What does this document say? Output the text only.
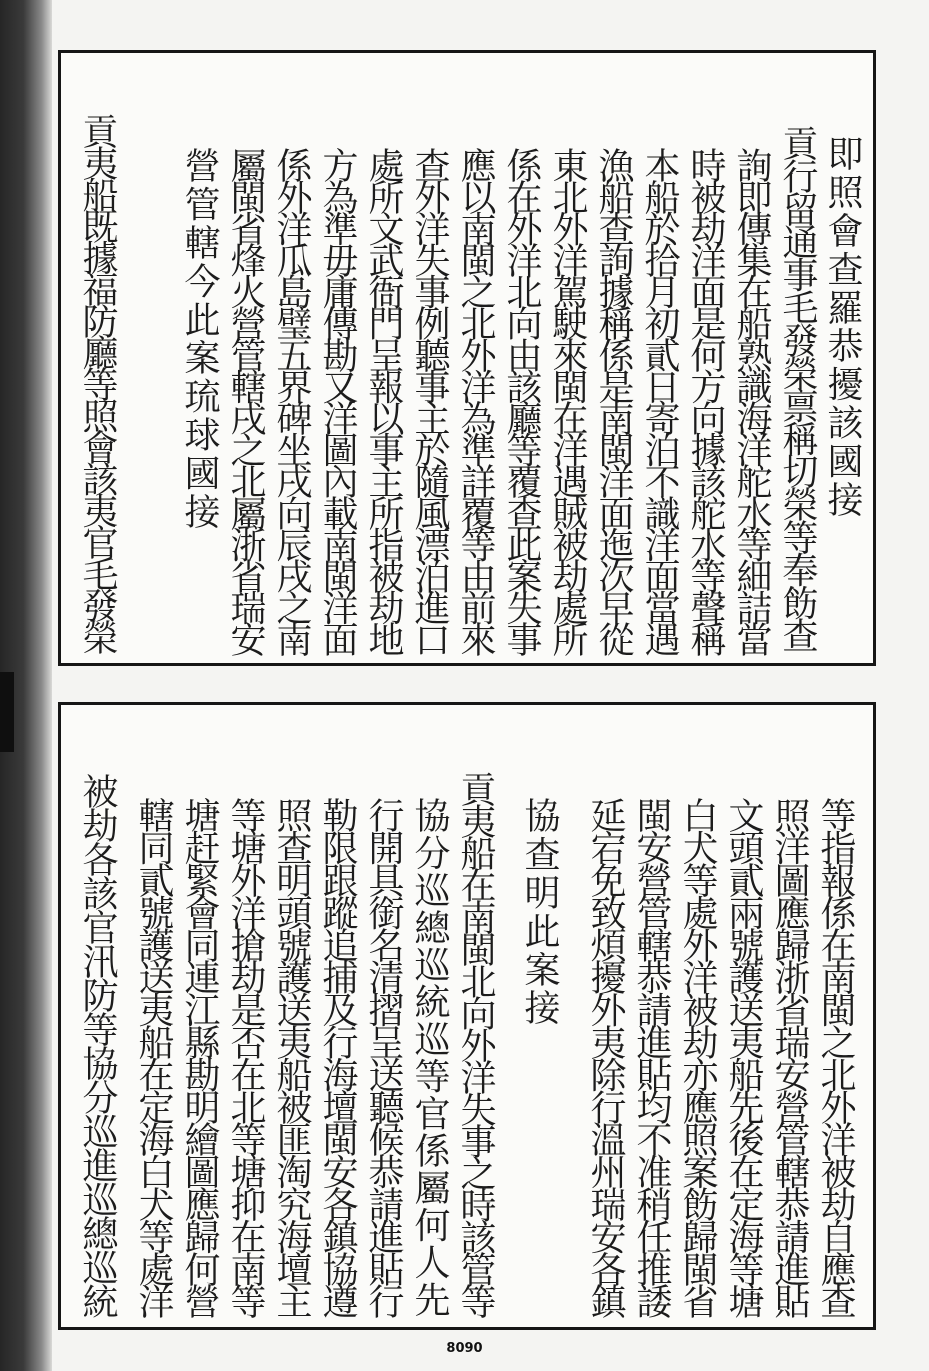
即照會查羅恭擾該國接
貢行留通事毛發榮禀稱切榮等奉飭查
詢即傳集在船熟識海洋舵水等細詰當
時被劫洋面是何方向據該舵水等聲稱
本船於拾月初貳日寄泊不識洋面當遇
漁船查詢據稱係是南閩洋面迤次早從
東北外洋駕駛來閩在洋遇賊被劫處所
係在外洋北向由該廳等覆查此案失事
應以南閩之北外洋為準詳覆等由前來
查外洋失事例聽事主於隨風漂泊進口
處所文武衙門呈報以事主所指被劫地
方為準毋庸傳勘又洋圖內載南閩洋面
係外洋瓜島璧五界碑坐戌向辰戌之南
屬閩省烽火營管轄戌之北屬浙省瑞安
營管轄今此案琉球國接
貢夷船既據福防廳等照會該夷官毛發榮
等指報係在南閩之北外洋被劫自應查
照洋圖應歸浙省瑞安營管轄恭請進貼
文頭貳兩號護送夷船先後在定海等塘
白犬等處外洋被劫亦應照案飭歸閩省
閩安營管轄恭請進貼均不准稍任推諉
延宕免致煩擾外夷除行溫州瑞安各鎮
協查明此案接
貢夷船在南閩北向外洋失事之時該管等
協分巡總巡統巡等官係屬何人先
行開具銜名清摺呈送聽候恭請進貼行
勒限跟蹤追捕及行海壇閩安各鎮協遵
照查明頭號護送夷船被匪淘究海壇主
等塘外洋搶劫是否在北等塘抑在南等
塘赶緊會同連江縣勘明繪圖應歸何營
轄同貳號護送夷船在定海白犬等處洋
被劫各該官汛防等協分巡進巡總巡統
8090
